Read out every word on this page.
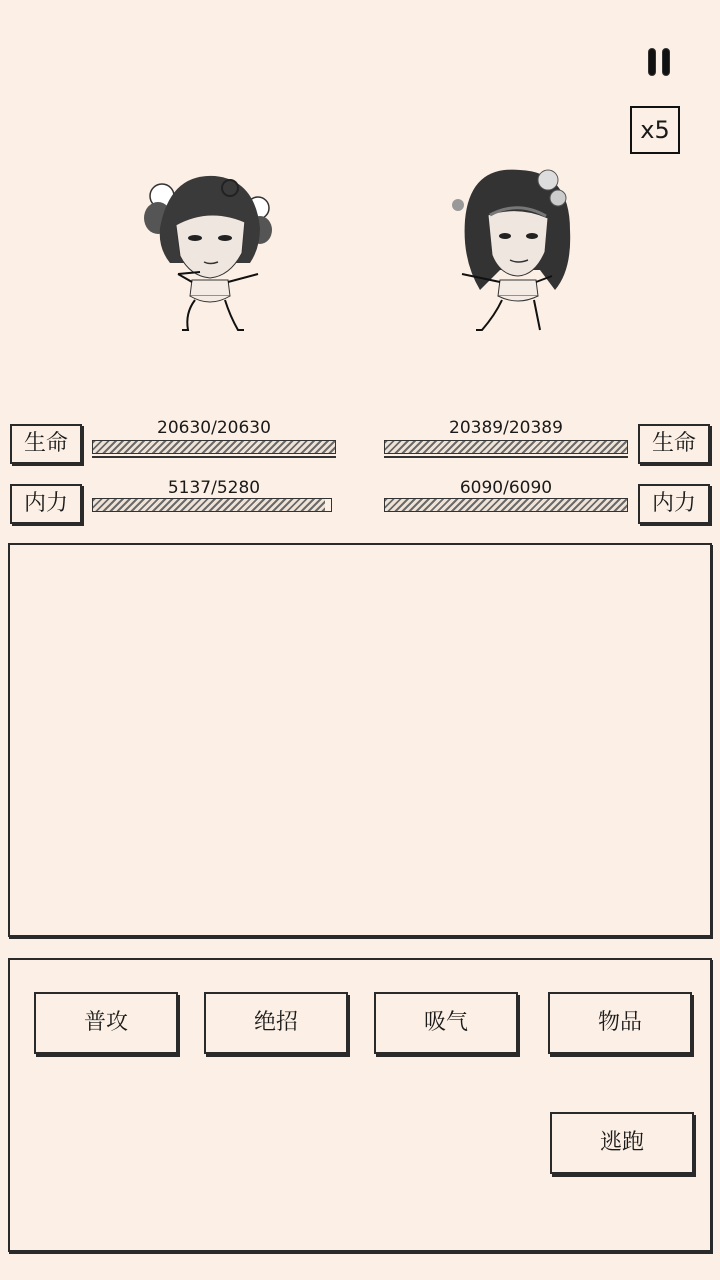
x5
生命
20630/20630
内力
5137/5280
生命
20389/20389
内力
6090/6090
普攻	绝招	吸气	物品
逃跑
